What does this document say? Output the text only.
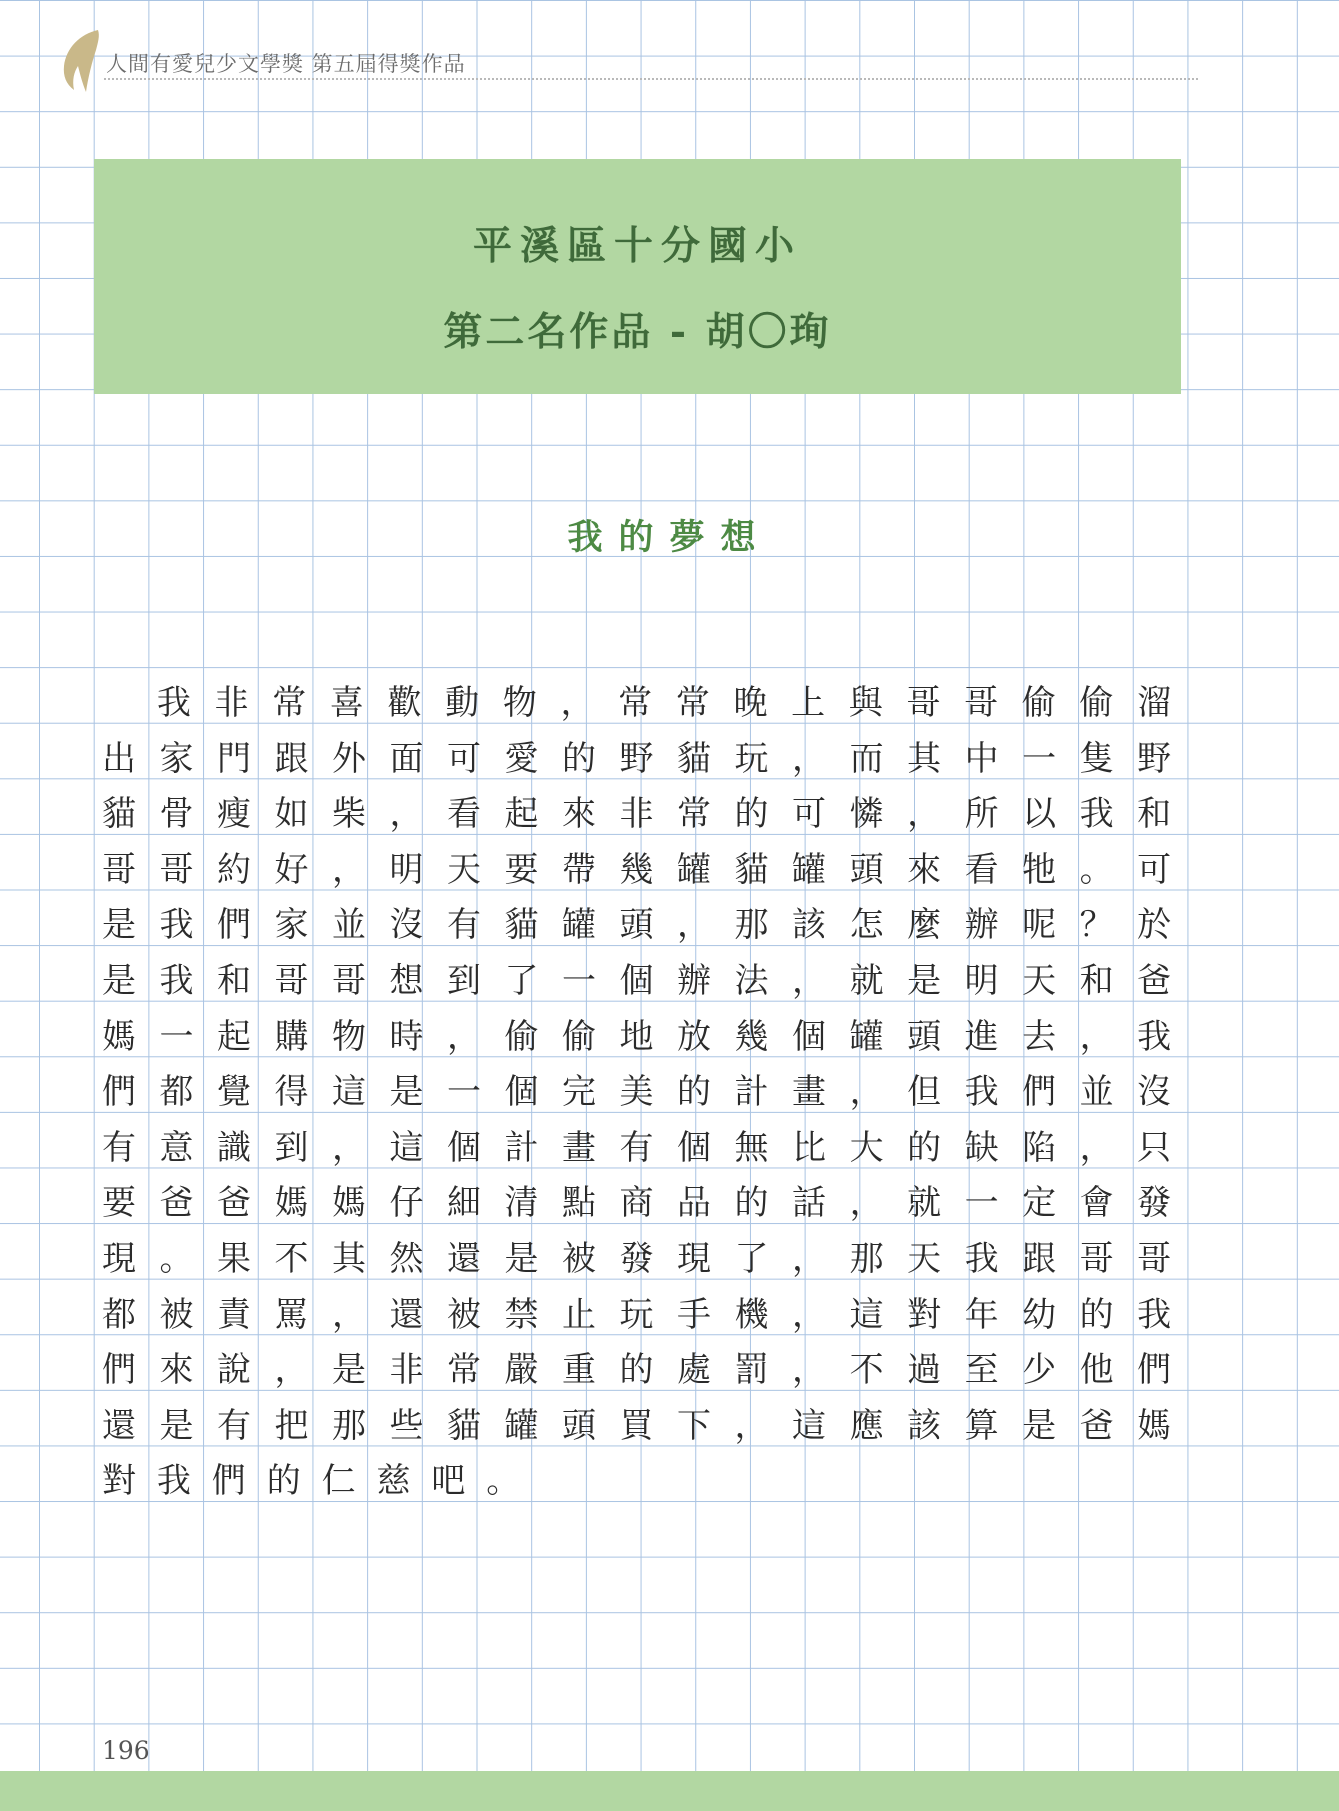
人間有愛兒少文學獎 第五屆得獎作品
平溪區十分國小
第二名作品 - 胡〇珣
我的夢想

我非常喜歡動物，常常晚上與哥哥偷偷溜出家門跟外面可愛的野貓玩，而其中一隻野貓骨瘦如柴，看起來非常的可憐，所以我和哥哥約好，明天要帶幾罐貓罐頭來看牠。可是我們家並沒有貓罐頭，那該怎麼辦呢？於是我和哥哥想到了一個辦法，就是明天和爸媽一起購物時，偷偷地放幾個罐頭進去，我們都覺得這是一個完美的計畫，但我們並沒有意識到，這個計畫有個無比大的缺陷，只要爸爸媽媽仔細清點商品的話，就一定會發現。果不其然還是被發現了，那天我跟哥哥都被責罵，還被禁止玩手機，這對年幼的我們來說，是非常嚴重的處罰，不過至少他們還是有把那些貓罐頭買下，這應該算是爸媽對我們的仁慈吧。

196
